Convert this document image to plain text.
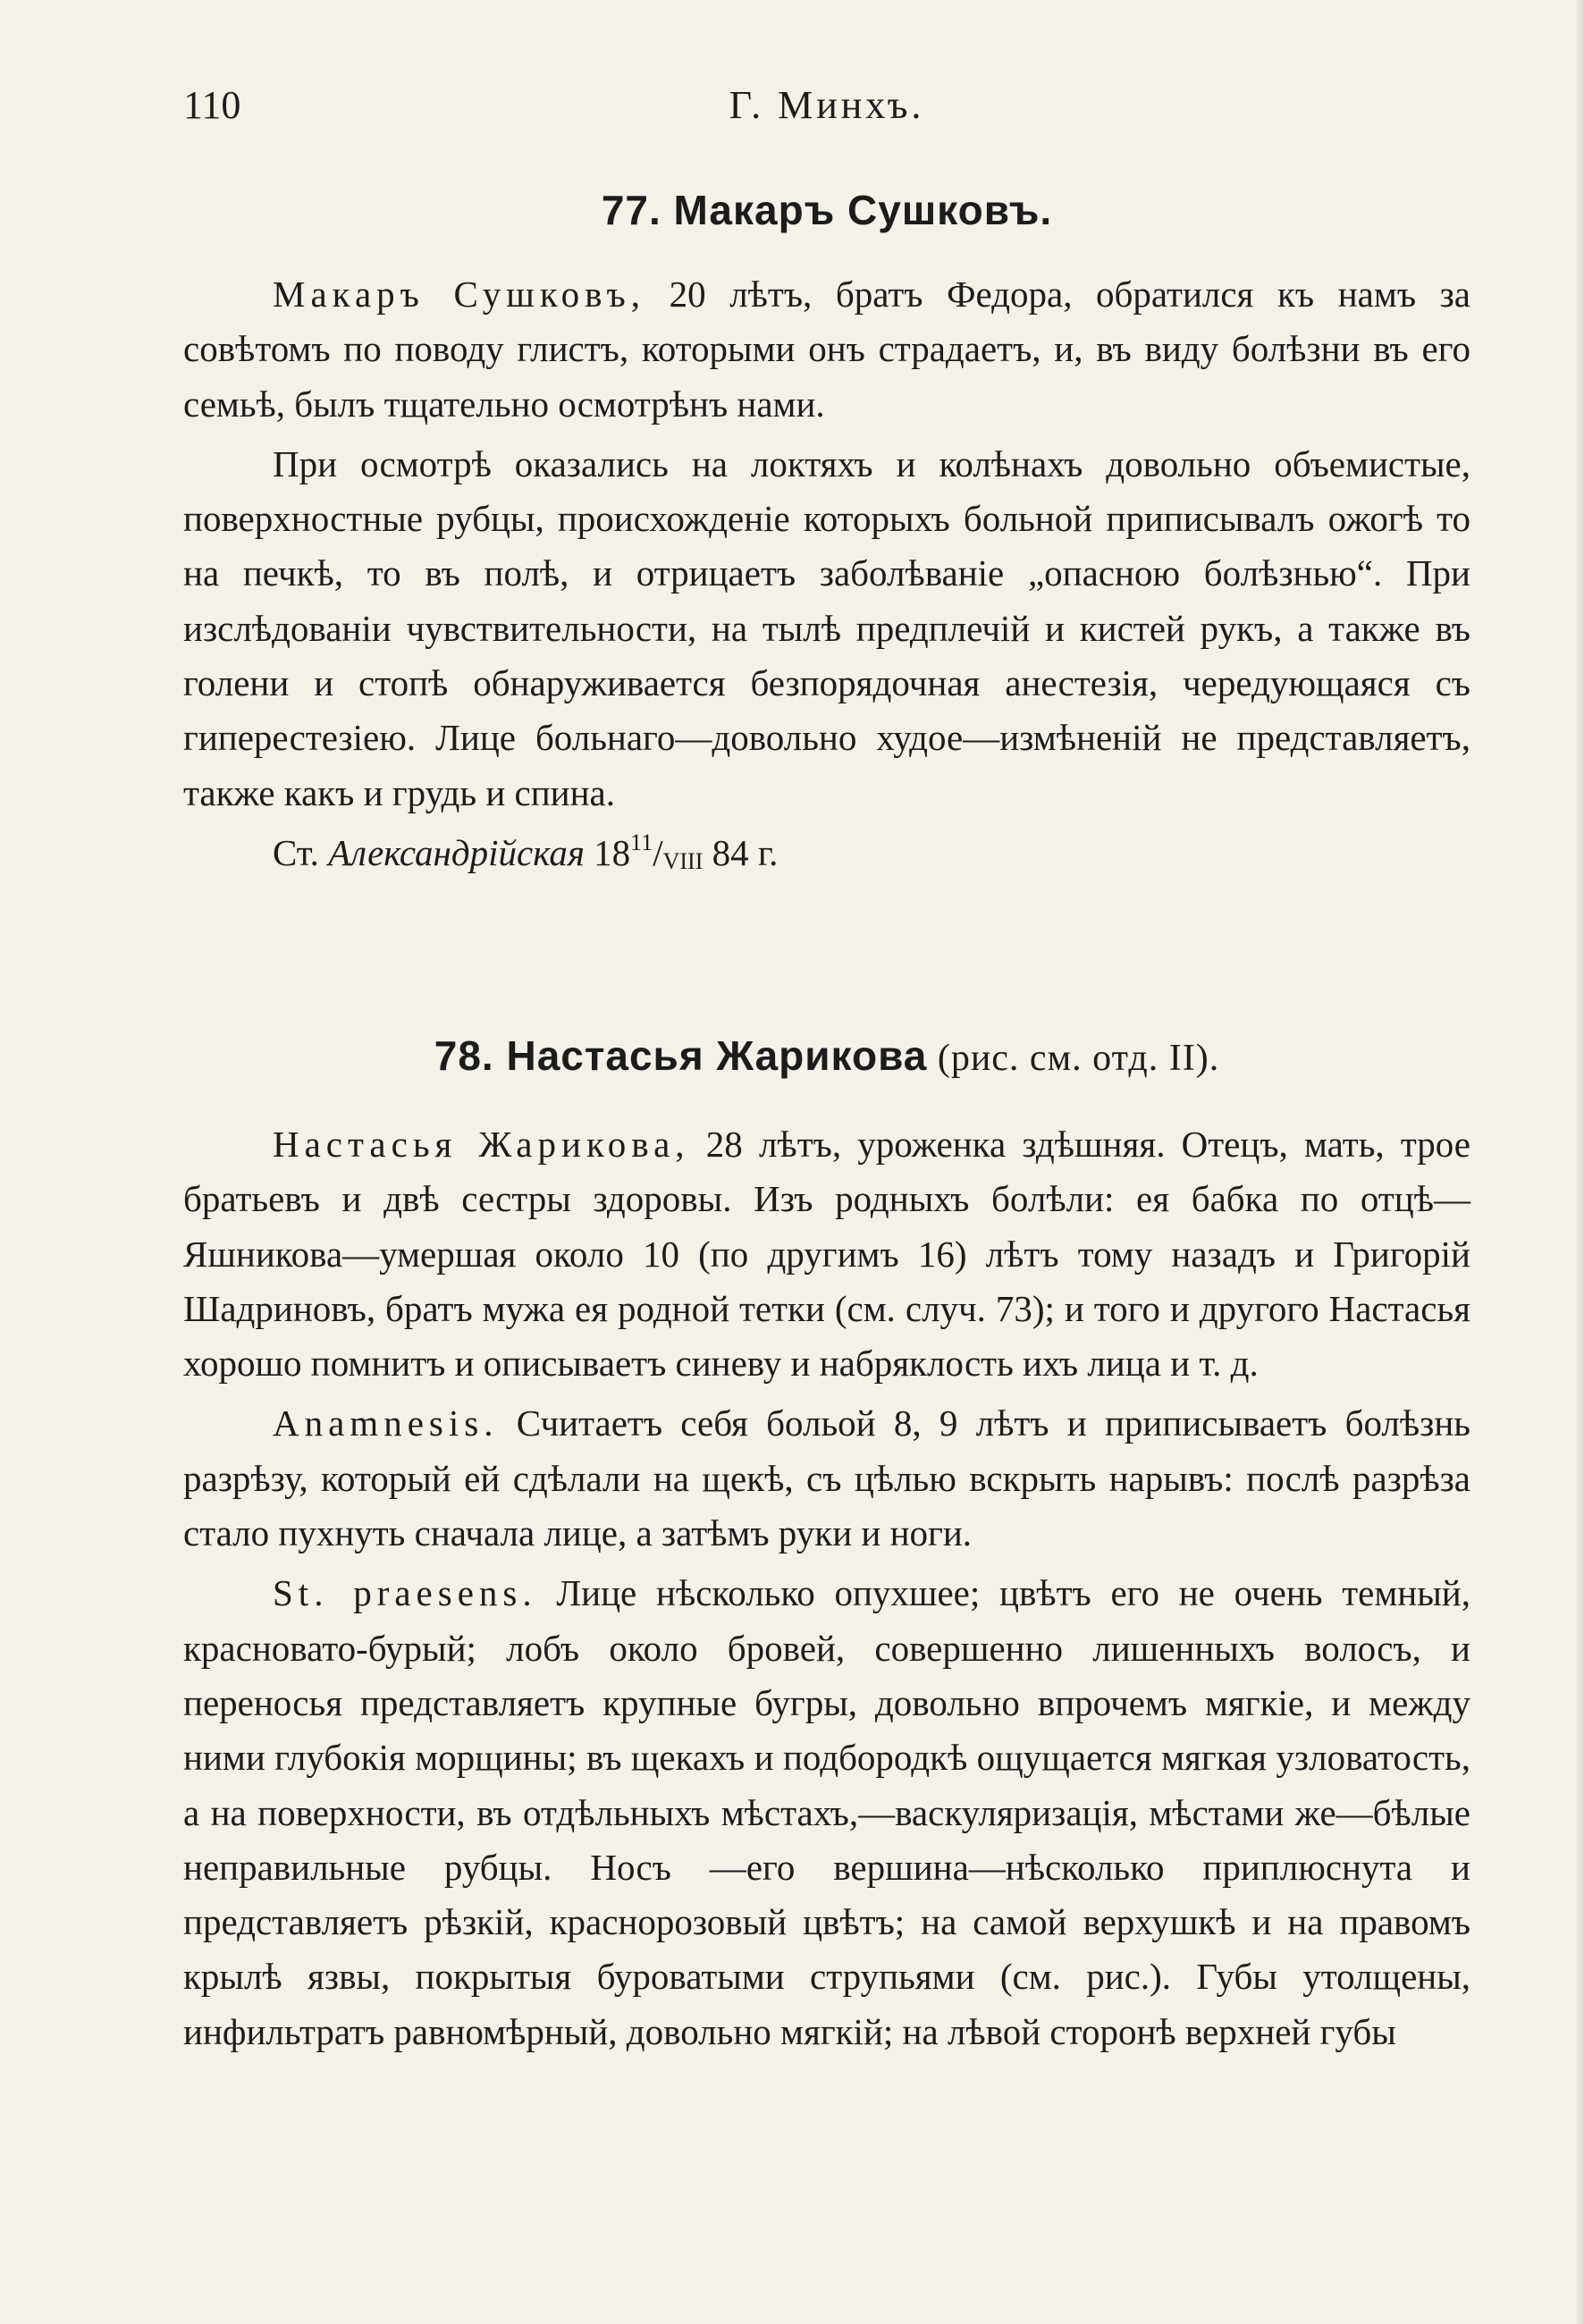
110	Г. Минхъ.
77. Макаръ Сушковъ.

Макаръ Сушковъ, 20 лѣтъ, братъ Федора, обратился къ намъ за совѣтомъ по поводу глистъ, которыми онъ страдаетъ, и, въ виду болѣзни въ его семьѣ, былъ тщательно осмотрѣнъ нами.

При осмотрѣ оказались на локтяхъ и колѣнахъ довольно объемистые, поверхностные рубцы, происхожденіе которыхъ больной приписывалъ ожогѣ то на печкѣ, то въ полѣ, и отрицаетъ заболѣваніе „опасною болѣзнью“. При изслѣдованіи чувствительности, на тылѣ предплечій и кистей рукъ, а также въ голени и стопѣ обнаруживается безпорядочная анестезія, чередующаяся съ гиперестезіею. Лице больнаго—довольно худое—измѣненій не представляетъ, также какъ и грудь и спина.

Ст. Александрійская $18^{11}$/VIII 84 г.

78. Настасья Жарикова (рис. см. отд. II).

Настасья Жарикова, 28 лѣтъ, уроженка здѣшняя. Отецъ, мать, трое братьевъ и двѣ сестры здоровы. Изъ родныхъ болѣли: ея бабка по отцѣ—Яшникова—умершая около 10 (по другимъ 16) лѣтъ тому назадъ и Григорій Шадриновъ, братъ мужа ея родной тетки (см. случ. 73); и того и другого Настасья хорошо помнитъ и описываетъ синеву и набряклость ихъ лица и т. д.

Anamnesis. Считаетъ себя больой 8, 9 лѣтъ и приписываетъ болѣзнь разрѣзу, который ей сдѣлали на щекѣ, съ цѣлью вскрыть нарывъ: послѣ разрѣза стало пухнуть сначала лице, а затѣмъ руки и ноги.

St. praesens. Лице нѣсколько опухшее; цвѣтъ его не очень темный, красновато-бурый; лобъ около бровей, совершенно лишенныхъ волосъ, и переносья представляетъ крупные бугры, довольно впрочемъ мягкіе, и между ними глубокія морщины; въ щекахъ и подбородкѣ ощущается мягкая узловатость, а на поверхности, въ отдѣльныхъ мѣстахъ,—васкуляризація, мѣстами же—бѣлые неправильные рубцы. Носъ —его вершина—нѣсколько приплюснута и представляетъ рѣзкій, краснорозовый цвѣтъ; на самой верхушкѣ и на правомъ крылѣ язвы, покрытыя буроватыми струпьями (см. рис.). Губы утолщены, инфильтратъ равномѣрный, довольно мягкій; на лѣвой сторонѣ верхней губы
